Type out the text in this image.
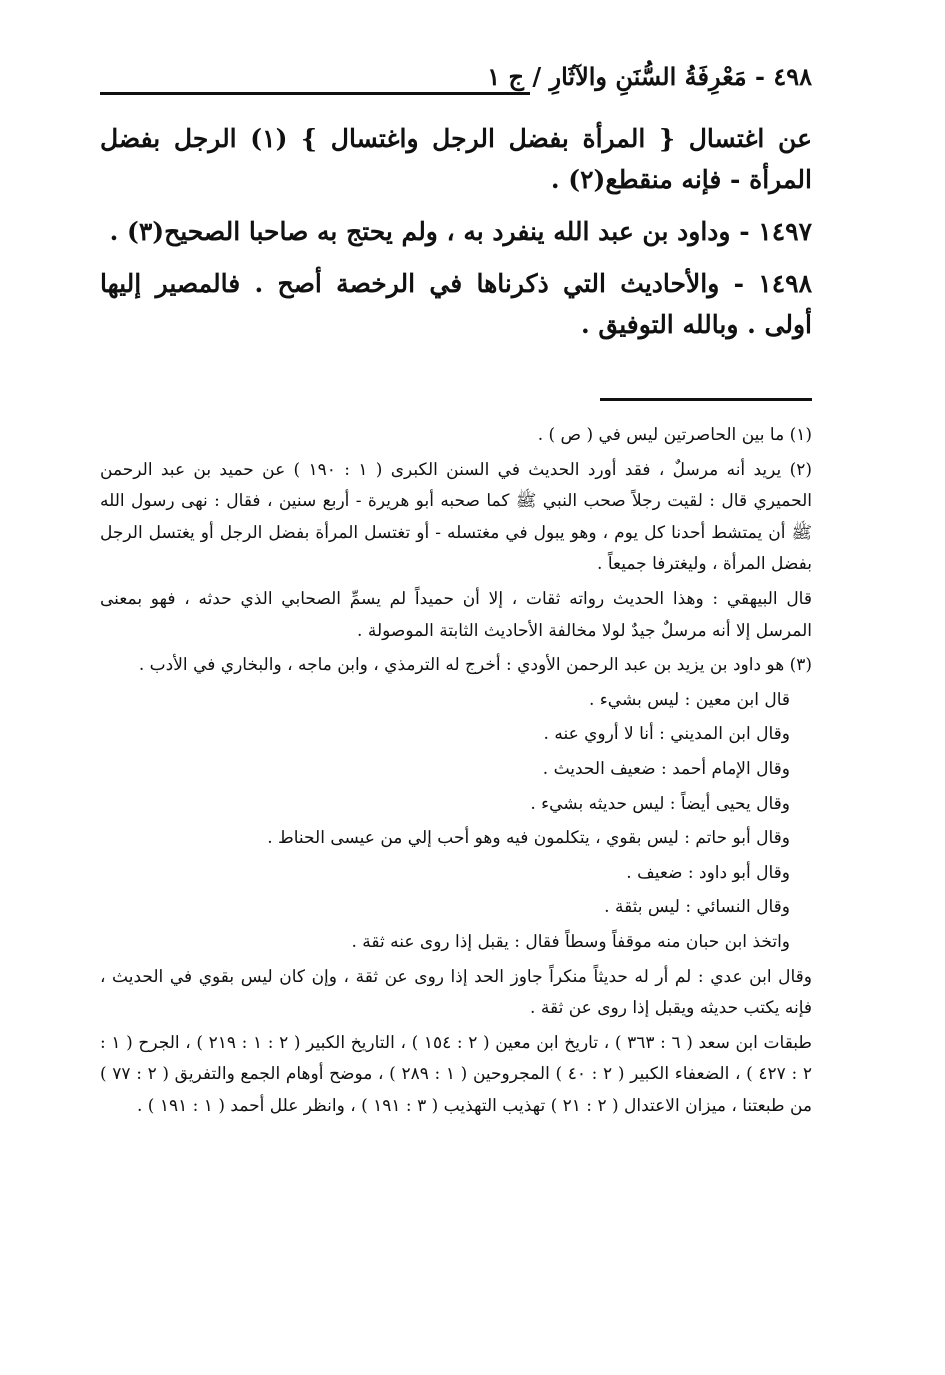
٤٩٨ - مَعْرِفَةُ السُّنَنِ والآثَارِ / ج ١

عن اغتسال { المرأة بفضل الرجل واغتسال } (١) الرجل بفضل المرأة - فإنه منقطع(٢) .

١٤٩٧ - وداود بن عبد الله ينفرد به ، ولم يحتج به صاحبا الصحيح(٣) .

١٤٩٨ - والأحاديث التي ذكرناها في الرخصة أصح . فالمصير إليها أولى . وبالله التوفيق .

(١) ما بين الحاصرتين ليس في ( ص ) .

(٢) يريد أنه مرسلٌ ، فقد أورد الحديث في السنن الكبرى ( ١ : ١٩٠ ) عن حميد بن عبد الرحمن الحميري قال : لقيت رجلاً صحب النبي ﷺ كما صحبه أبو هريرة - أربع سنين ، فقال : نهى رسول الله ﷺ أن يمتشط أحدنا كل يوم ، وهو يبول في مغتسله - أو تغتسل المرأة بفضل الرجل أو يغتسل الرجل بفضل المرأة ، وليغترفا جميعاً .

قال البيهقي : وهذا الحديث رواته ثقات ، إلا أن حميداً لم يسمِّ الصحابي الذي حدثه ، فهو بمعنى المرسل إلا أنه مرسلٌ جيدٌ لولا مخالفة الأحاديث الثابتة الموصولة .

(٣) هو داود بن يزيد بن عبد الرحمن الأودي : أخرج له الترمذي ، وابن ماجه ، والبخاري في الأدب .

قال ابن معين : ليس بشيء .

وقال ابن المديني : أنا لا أروي عنه .

وقال الإمام أحمد : ضعيف الحديث .

وقال يحيى أيضاً : ليس حديثه بشيء .

وقال أبو حاتم : ليس بقوي ، يتكلمون فيه وهو أحب إلي من عيسى الحناط .

وقال أبو داود : ضعيف .

وقال النسائي : ليس بثقة .

واتخذ ابن حبان منه موقفاً وسطاً فقال : يقبل إذا روى عنه ثقة .

وقال ابن عدي : لم أر له حديثاً منكراً جاوز الحد إذا روى عن ثقة ، وإن كان ليس بقوي في الحديث ، فإنه يكتب حديثه ويقبل إذا روى عن ثقة .

طبقات ابن سعد ( ٦ : ٣٦٣ ) ، تاريخ ابن معين ( ٢ : ١٥٤ ) ، التاريخ الكبير ( ٢ : ١ : ٢١٩ ) ، الجرح ( ١ : ٢ : ٤٢٧ ) ، الضعفاء الكبير ( ٢ : ٤٠ ) المجروحين ( ١ : ٢٨٩ ) ، موضح أوهام الجمع والتفريق ( ٢ : ٧٧ ) من طبعتنا ، ميزان الاعتدال ( ٢ : ٢١ ) تهذيب التهذيب ( ٣ : ١٩١ ) ، وانظر علل أحمد ( ١ : ١٩١ ) .
